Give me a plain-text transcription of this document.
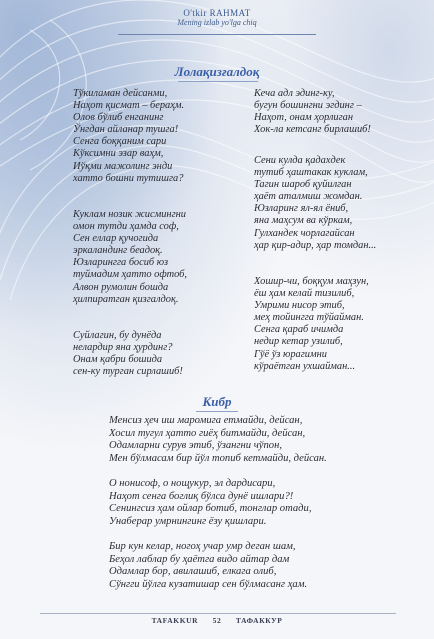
O'tkir RAHMAT
Mening izlab yo'lga chiq
Лолақизғалдоқ
Тўкиламан дейсанми,
Наҳот қисмат – бераҳм.
Олов бўлиб енганинг
Ўнгдан айланар тушга!
Сенга боққаним сари
Кўксимни эзар ваҳм,
Иўқми мажолинг энди
хатто бошни тутишга?
Куклам нозик жисмингни
омон тутди ҳамда соф,
Сен еллар қучогида
эркаландинг беадоқ.
Юзларингга босиб юз
туймадим ҳатто офтоб,
Алвон румолин бошда
ҳилпиратган қизгалдоқ.
Суйлагин, бу дунёда
нелардир яна ҳурдинг?
Онам қабри бошида
сен-ку турган сирлашиб!
Кеча адл эдинг-ку,
бугун бошингни эгдинг –
Наҳот, онам ҳорлиган
Хок-ла кетсанг бирлашиб!
Сени кулда қадахдек
тутиб ҳаштакак куклам,
Тагин шароб қуйилган
ҳаёт аталмиш жомдан.
Юзларинг ял-ял ёниб,
яна маҳсум ва кўркам,
Гулхандек чорлагайсан
ҳар қир-адир, ҳар томдан...
Хошир-чи, боққум маҳзун,
ёш ҳам келай тизилиб,
Умрими нисор этиб,
меҳ тойингга тўйайман.
Сенга қараб ичимда
недир кетар узилиб,
Гўё ўз юрагимни
кўраётган ухшайман...
Кибр
Менсиз ҳеч иш маромига етмайди, дейсан,
Хосил тугул ҳатто гиёҳ битмайди, дейсан,
Одамларни сурув этиб, ўзангни чўпон,
Мен бўлмасам бир йўл топиб кетмайди, дейсан.
О нонисоф, о нощукур, эл дардисари,
Наҳот сенга боглиқ бўлса дунё ишлари?!
Сенингсиз ҳам ойлар ботиб, тонглар отади,
Унаберар умрнингинг ёзу қишлари.
Бир кун келар, ногоҳ учар умр деган шам,
Беҳол лаблар бу ҳаётга видо айтар дам
Одамлар бор, авилашиб, елкага олиб,
Сўнгги йўлга кузатишар сен бўлмасанг ҳам.
TAFAKKUR 52 ТАФАККУР
